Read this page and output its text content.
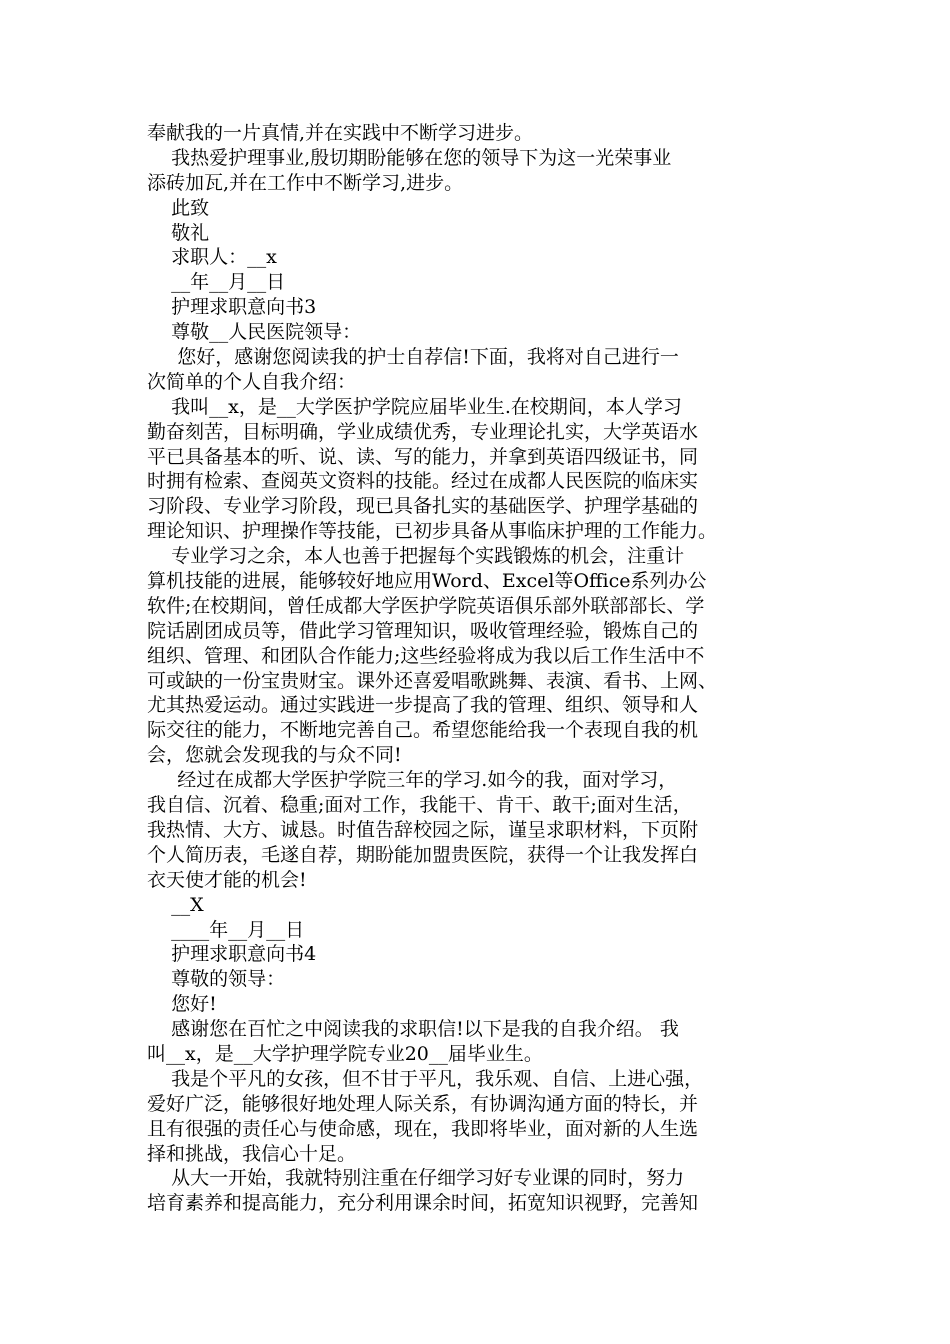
奉献我的一片真情,并在实践中不断学习进步。
我热爱护理事业,殷切期盼能够在您的领导下为这一光荣事业
添砖加瓦,并在工作中不断学习,进步。
此致
敬礼
求职人：__x
__年__月__日
护理求职意向书3
尊敬__人民医院领导：
您好，感谢您阅读我的护士自荐信!下面，我将对自己进行一
次简单的个人自我介绍：
我叫__x，是__大学医护学院应届毕业生.在校期间，本人学习
勤奋刻苦，目标明确，学业成绩优秀，专业理论扎实，大学英语水
平已具备基本的听、说、读、写的能力，并拿到英语四级证书，同
时拥有检索、查阅英文资料的技能。经过在成都人民医院的临床实
习阶段、专业学习阶段，现已具备扎实的基础医学、护理学基础的
理论知识、护理操作等技能，已初步具备从事临床护理的工作能力。
专业学习之余，本人也善于把握每个实践锻炼的机会，注重计
算机技能的进展，能够较好地应用Word、Excel等Office系列办公
软件;在校期间，曾任成都大学医护学院英语俱乐部外联部部长、学
院话剧团成员等，借此学习管理知识，吸收管理经验，锻炼自己的
组织、管理、和团队合作能力;这些经验将成为我以后工作生活中不
可或缺的一份宝贵财宝。课外还喜爱唱歌跳舞、表演、看书、上网、
尤其热爱运动。通过实践进一步提高了我的管理、组织、领导和人
际交往的能力，不断地完善自己。希望您能给我一个表现自我的机
会，您就会发现我的与众不同!
经过在成都大学医护学院三年的学习.如今的我，面对学习，
我自信、沉着、稳重;面对工作，我能干、肯干、敢干;面对生活，
我热情、大方、诚恳。时值告辞校园之际，谨呈求职材料，下页附
个人简历表，毛遂自荐，期盼能加盟贵医院，获得一个让我发挥白
衣天使才能的机会!
__X
____年__月__日
护理求职意向书4
尊敬的领导：
您好!
感谢您在百忙之中阅读我的求职信!以下是我的自我介绍。 我
叫__x，是__大学护理学院专业20__届毕业生。
我是个平凡的女孩，但不甘于平凡，我乐观、自信、上进心强，
爱好广泛，能够很好地处理人际关系，有协调沟通方面的特长，并
且有很强的责任心与使命感，现在，我即将毕业，面对新的人生选
择和挑战，我信心十足。
从大一开始，我就特别注重在仔细学习好专业课的同时，努力
培育素养和提高能力，充分利用课余时间，拓宽知识视野，完善知
